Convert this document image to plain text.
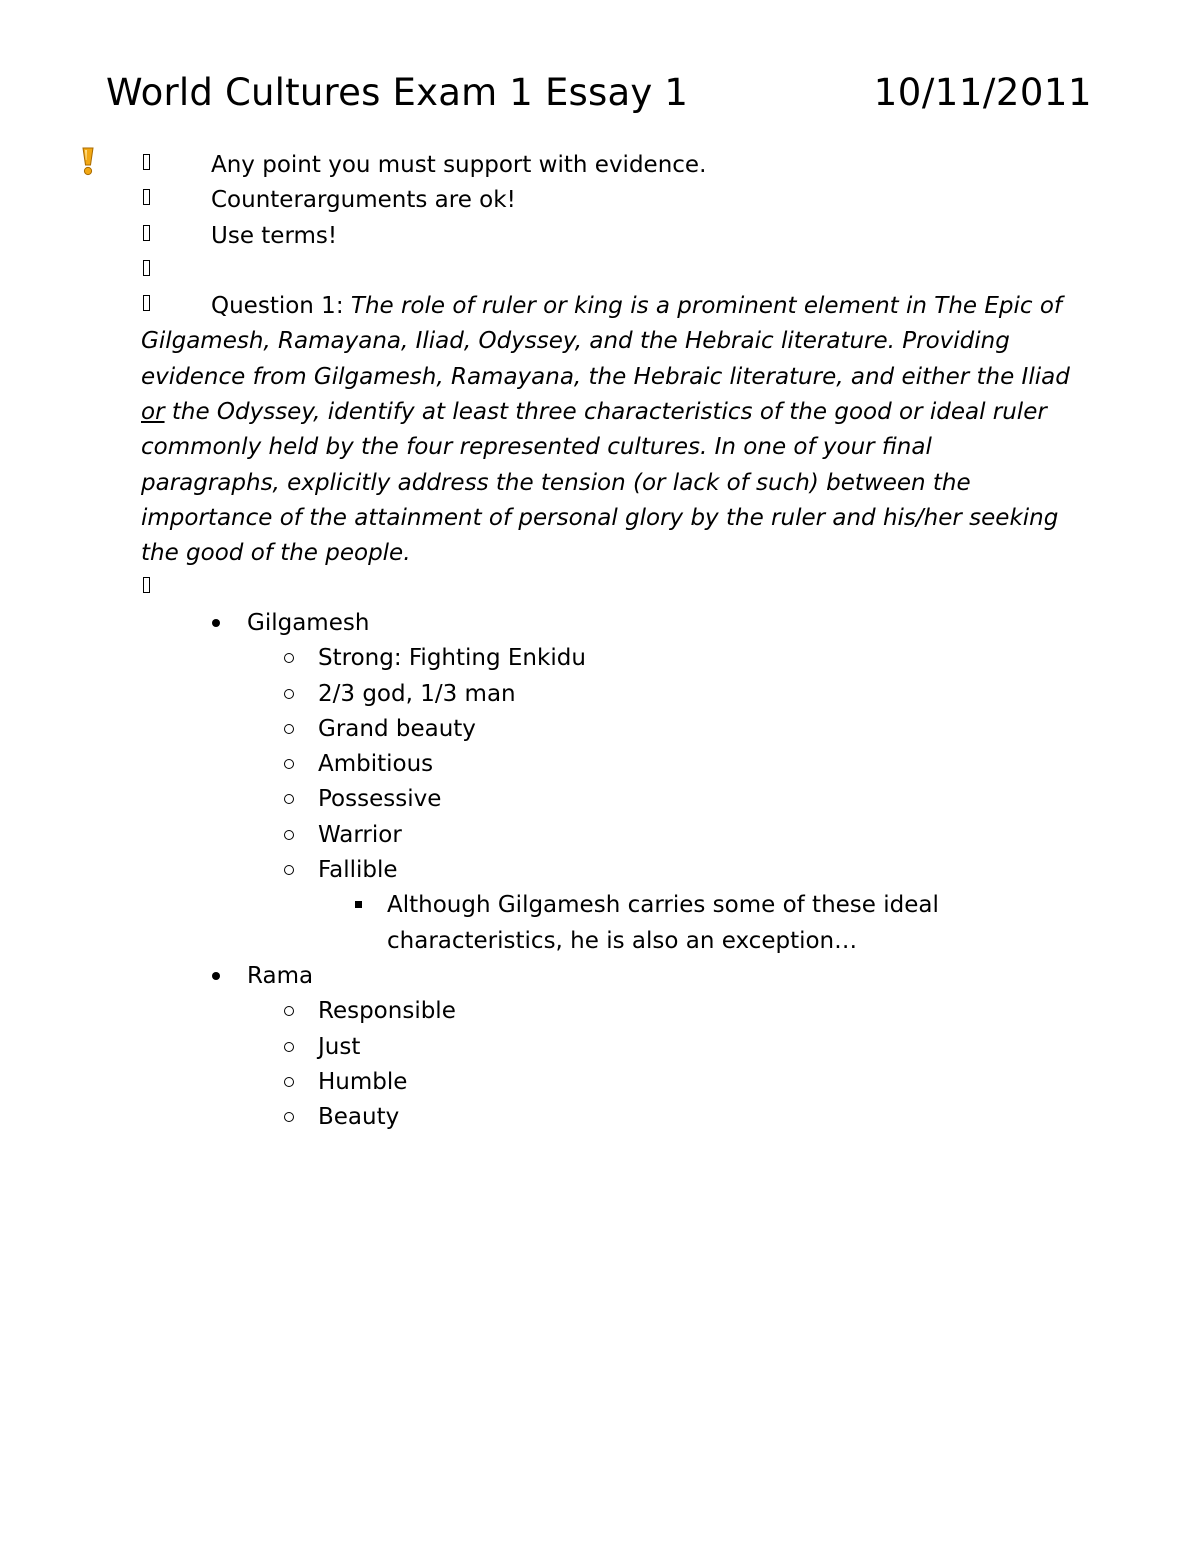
World Cultures Exam 1 Essay 1	10/11/2011
Any point you must support with evidence.
Counterarguments are ok!
Use terms!
Question 1: The role of ruler or king is a prominent element in The Epic of Gilgamesh, Ramayana, Iliad, Odyssey, and the Hebraic literature. Providing evidence from Gilgamesh, Ramayana, the Hebraic literature, and either the Iliad or the Odyssey, identify at least three characteristics of the good or ideal ruler commonly held by the four represented cultures. In one of your final paragraphs, explicitly address the tension (or lack of such) between the importance of the attainment of personal glory by the ruler and his/her seeking the good of the people.
Gilgamesh
Strong: Fighting Enkidu
2/3 god, 1/3 man
Grand beauty
Ambitious
Possessive
Warrior
Fallible
Although Gilgamesh carries some of these ideal characteristics, he is also an exception…
Rama
Responsible
Just
Humble
Beauty
